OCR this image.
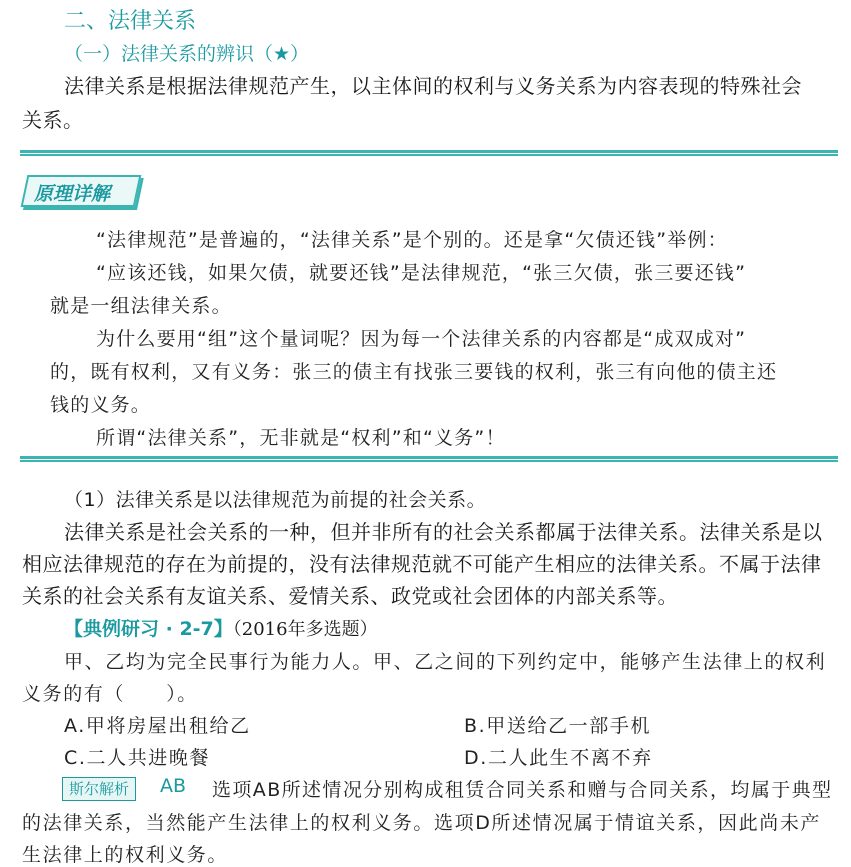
二、法律关系
（一）法律关系的辨识（★）
法律关系是根据法律规范产生，以主体间的权利与义务关系为内容表现的特殊社会
关系。
原理详解
“法律规范”是普遍的，“法律关系”是个别的。还是拿“欠债还钱”举例：
“应该还钱，如果欠债，就要还钱”是法律规范，“张三欠债，张三要还钱”
就是一组法律关系。
为什么要用“组”这个量词呢？因为每一个法律关系的内容都是“成双成对”
的，既有权利，又有义务：张三的债主有找张三要钱的权利，张三有向他的债主还
钱的义务。
所谓“法律关系”，无非就是“权利”和“义务”！
（1）法律关系是以法律规范为前提的社会关系。
法律关系是社会关系的一种，但并非所有的社会关系都属于法律关系。法律关系是以
相应法律规范的存在为前提的，没有法律规范就不可能产生相应的法律关系。不属于法律
关系的社会关系有友谊关系、爱情关系、政党或社会团体的内部关系等。
【典例研习 · 2-7】（2016年多选题）
甲、乙均为完全民事行为能力人。甲、乙之间的下列约定中，能够产生法律上的权利
义务的有（　　）。
A.甲将房屋出租给乙	B.甲送给乙一部手机
C.二人共进晚餐	D.二人此生不离不弃
斯尔解析	AB 选项AB所述情况分别构成租赁合同关系和赠与合同关系，均属于典型
的法律关系，当然能产生法律上的权利义务。选项D所述情况属于情谊关系，因此尚未产
生法律上的权利义务。
